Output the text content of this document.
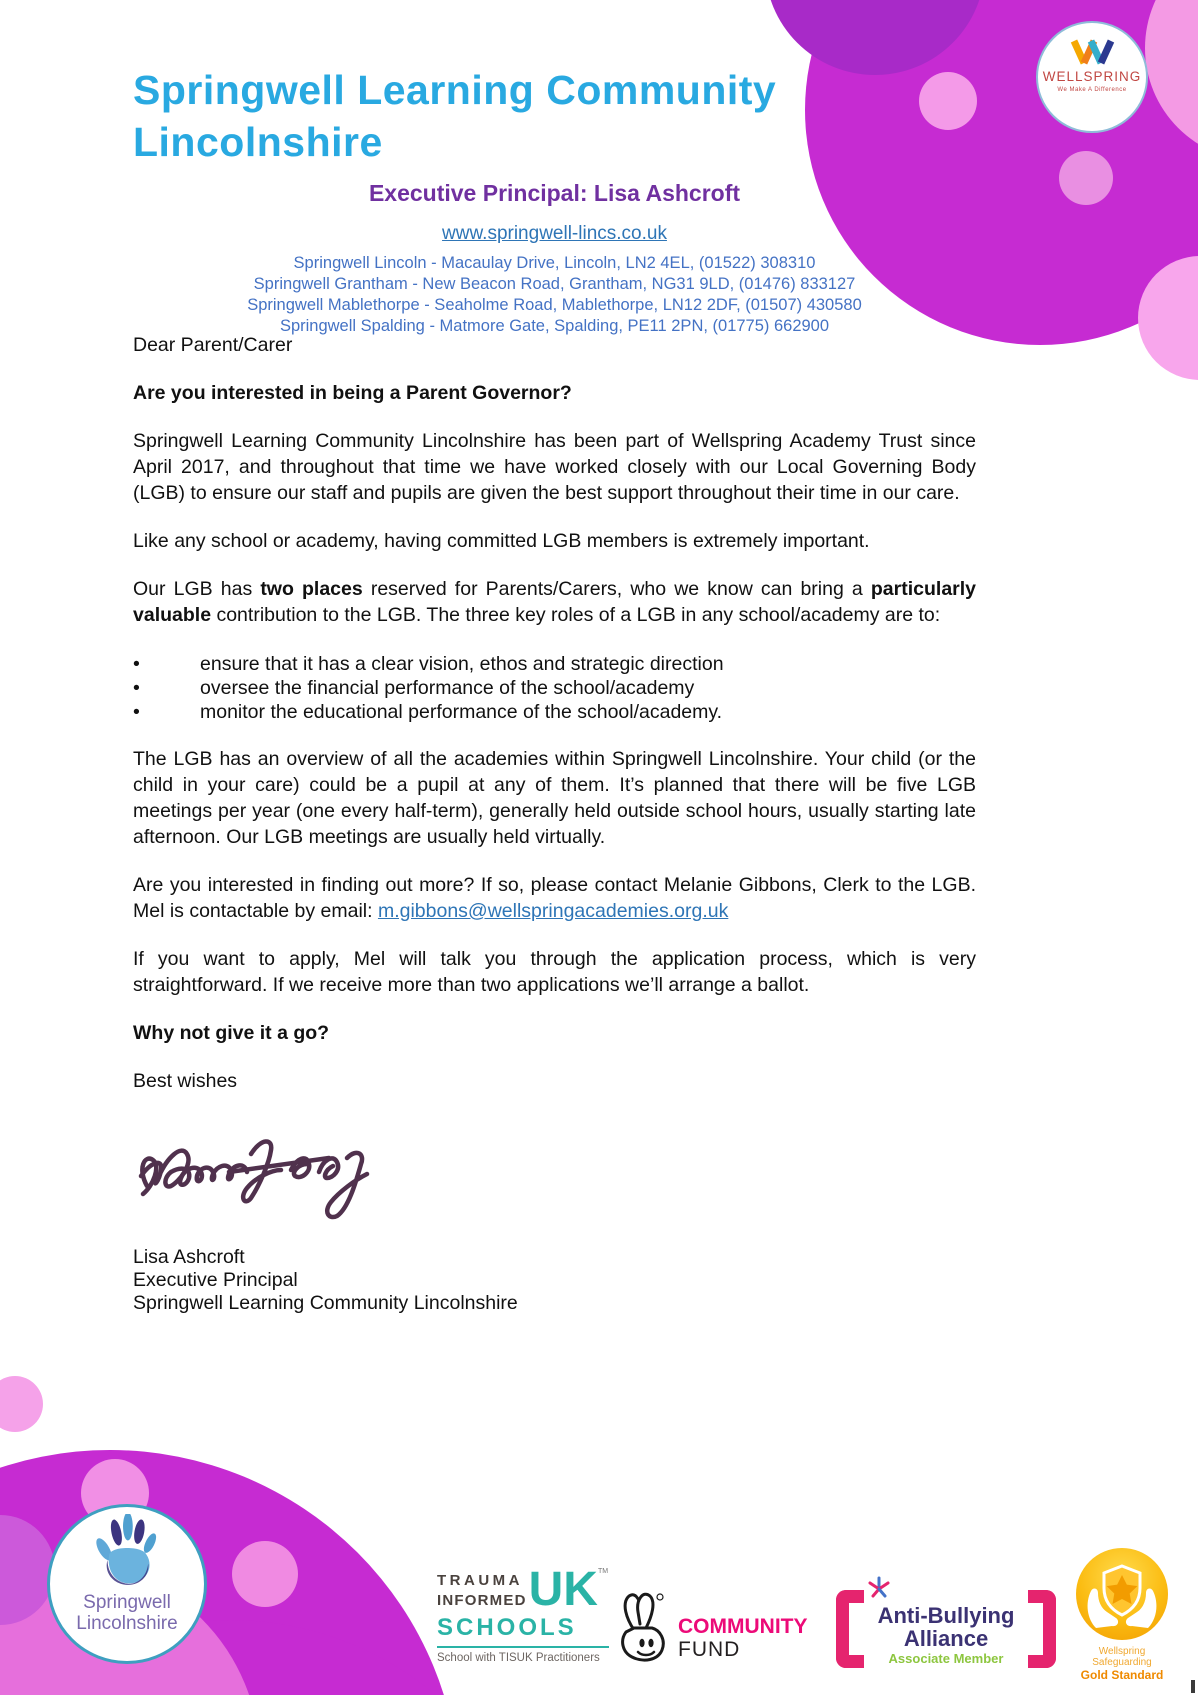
WELLSPRING
We Make A Difference
Springwell Learning Community
Lincolnshire
Executive Principal: Lisa Ashcroft
www.springwell-lincs.co.uk
Springwell Lincoln - Macaulay Drive, Lincoln, LN2 4EL, (01522) 308310
Springwell Grantham - New Beacon Road, Grantham, NG31 9LD, (01476) 833127
Springwell Mablethorpe - Seaholme Road, Mablethorpe, LN12 2DF, (01507) 430580
Springwell Spalding - Matmore Gate, Spalding, PE11 2PN, (01775) 662900

Dear Parent/Carer

Are you interested in being a Parent Governor?

Springwell Learning Community Lincolnshire has been part of Wellspring Academy Trust since April 2017, and throughout that time we have worked closely with our Local Governing Body (LGB) to ensure our staff and pupils are given the best support throughout their time in our care.

Like any school or academy, having committed LGB members is extremely important.

Our LGB has two places reserved for Parents/Carers, who we know can bring a particularly valuable contribution to the LGB. The three key roles of a LGB in any school/academy are to:

•	ensure that it has a clear vision, ethos and strategic direction
•	oversee the financial performance of the school/academy
•	monitor the educational performance of the school/academy.

The LGB has an overview of all the academies within Springwell Lincolnshire. Your child (or the child in your care) could be a pupil at any of them. It’s planned that there will be five LGB meetings per year (one every half-term), generally held outside school hours, usually starting late afternoon. Our LGB meetings are usually held virtually.

Are you interested in finding out more? If so, please contact Melanie Gibbons, Clerk to the LGB. Mel is contactable by email: m.gibbons@wellspringacademies.org.uk

If you want to apply, Mel will talk you through the application process, which is very straightforward. If we receive more than two applications we’ll arrange a ballot.

Why not give it a go?

Best wishes

Lisa Ashcroft
Executive Principal
Springwell Learning Community Lincolnshire
Springwell
Lincolnshire
TRAUMA
INFORMED UK TM
SCHOOLS
School with TISUK Practitioners
COMMUNITY
FUND
Anti-Bullying
Alliance
Associate Member	Wellspring Safeguarding
Gold Standard
